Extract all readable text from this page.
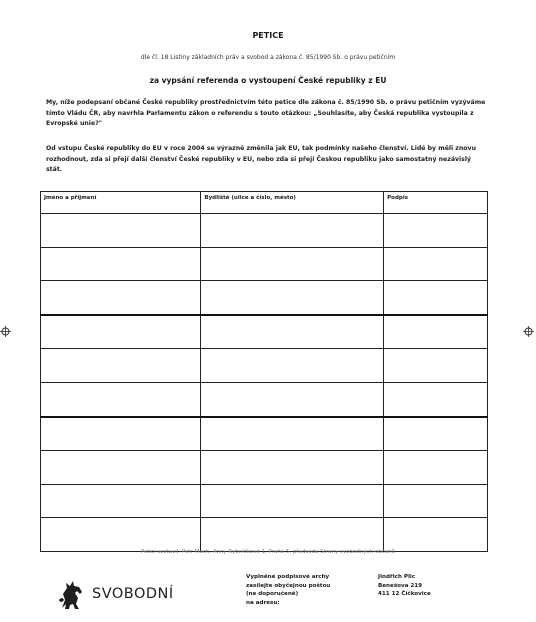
PETICE
dle čl. 18 Listiny základních práv a svobod a zákona č. 85/1990 Sb. o právu petičním
za vypsání referenda o vystoupení České republiky z EU
My, níže podepsaní občané České republiky prostřednictvím této petice dle zákona č. 85/1990 Sb. o právu petičním vyzýváme tímto Vládu ČR, aby navrhla Parlamentu zákon o referendu s touto otázkou: „Souhlasíte, aby Česká republika vystoupila z Evropské unie?"
Od vstupu České republiky do EU v roce 2004 se výrazně změnila jak EU, tak podmínky našeho členství. Lidé by měli znovu rozhodnout, zda si přejí další členství České republiky v EU, nebo zda si přejí Českou republiku jako samostatný nezávislý stát.
Jméno a příjmení	Bydliště (ulice a číslo, město)	Podpis

Petici sestavil: Petr Mach, Anny Rybníčkové 1, Praha 5, předseda Strany svobodných občanů
SVOBODNÍ
Vyplněné podpisové archy
zasílejte obyčejnou poštou
(ne doporučeně)
na adresu:
Jindřich Plic
Benešova 219
411 12 Číčkovice
